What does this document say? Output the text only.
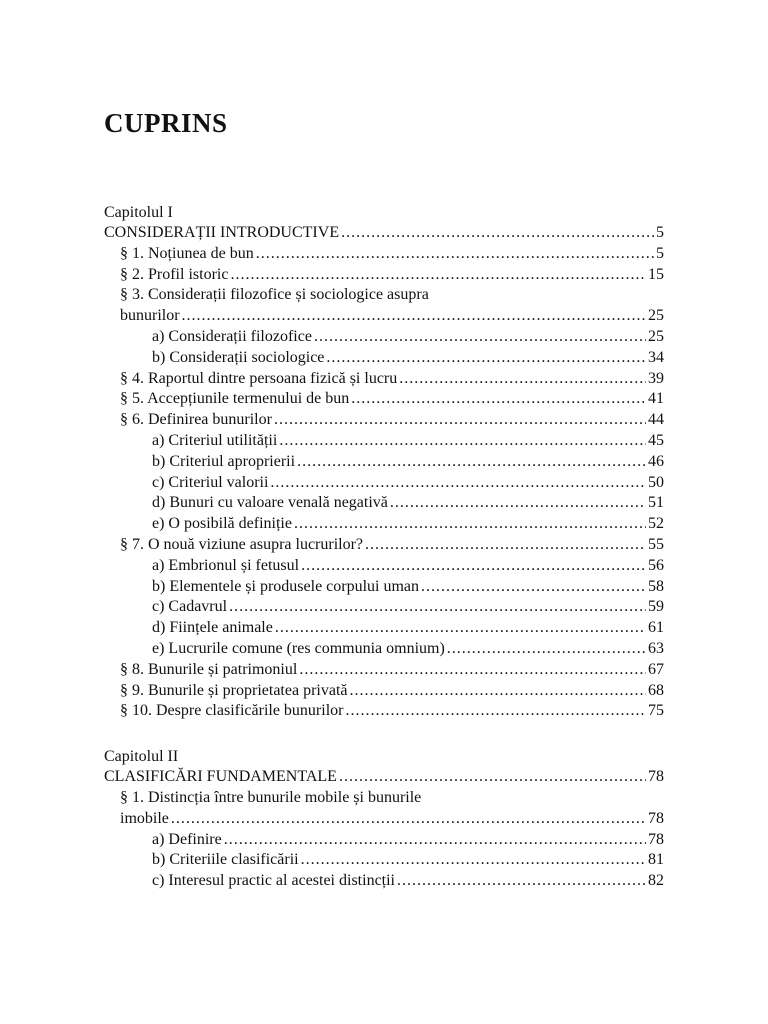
CUPRINS
Capitolul I
CONSIDERAȚII INTRODUCTIVE .....	5
§ 1. Noțiunea de bun .....	5
§ 2. Profil istoric .....	15
§ 3. Considerații filozofice și sociologice asupra
bunurilor .....	25
a) Considerații filozofice .....	25
b) Considerații sociologice .....	34
§ 4. Raportul dintre persoana fizică și lucru .....	39
§ 5. Accepțiunile termenului de bun .....	41
§ 6. Definirea bunurilor .....	44
a) Criteriul utilității .....	45
b) Criteriul aproprierii .....	46
c) Criteriul valorii .....	50
d) Bunuri cu valoare venală negativă .....	51
e) O posibilă definiție .....	52
§ 7. O nouă viziune asupra lucrurilor? .....	55
a) Embrionul și fetusul .....	56
b) Elementele și produsele corpului uman .....	58
c) Cadavrul .....	59
d) Ființele animale .....	61
e) Lucrurile comune (res communia omnium) .....	63
§ 8. Bunurile și patrimoniul .....	67
§ 9. Bunurile și proprietatea privată .....	68
§ 10. Despre clasificările bunurilor .....	75
Capitolul II
CLASIFICĂRI FUNDAMENTALE .....	78
§ 1. Distincția între bunurile mobile și bunurile
imobile .....	78
a) Definire .....	78
b) Criteriile clasificării .....	81
c) Interesul practic al acestei distincții .....	82
